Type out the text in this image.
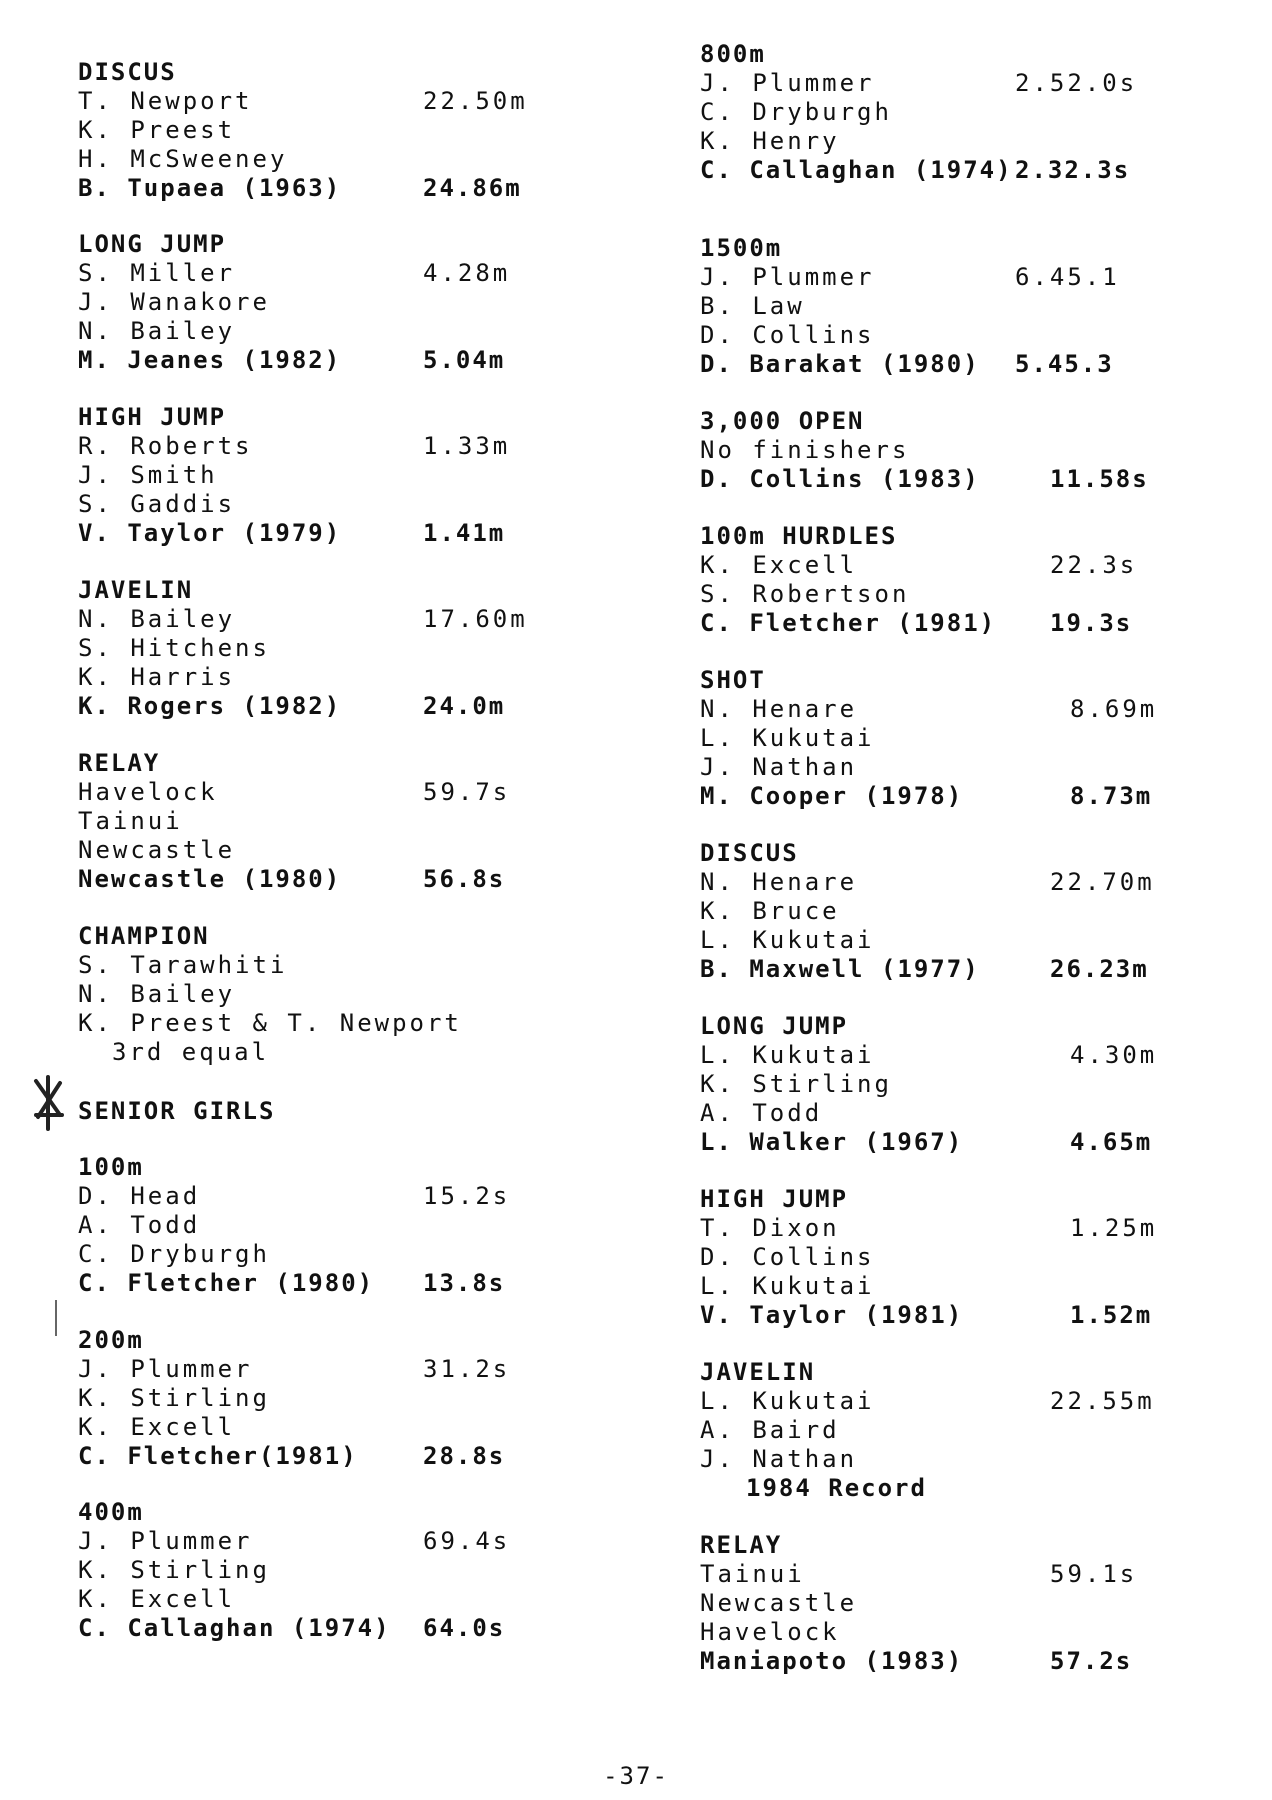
DISCUS
T. Newport	22.50m
K. Preest
H. McSweeney
B. Tupaea (1963)	24.86m
LONG JUMP
S. Miller	4.28m
J. Wanakore
N. Bailey
M. Jeanes (1982)	5.04m
HIGH JUMP
R. Roberts	1.33m
J. Smith
S. Gaddis
V. Taylor (1979)	1.41m
JAVELIN
N. Bailey	17.60m
S. Hitchens
K. Harris
K. Rogers (1982)	24.0m
RELAY
Havelock	59.7s
Tainui
Newcastle
Newcastle (1980)	56.8s
CHAMPION
S. Tarawhiti
N. Bailey
K. Preest & T. Newport
3rd equal
SENIOR GIRLS
100m
D. Head	15.2s
A. Todd
C. Dryburgh
C. Fletcher (1980) 13.8s
200m
J. Plummer	31.2s
K. Stirling
K. Excell
C. Fletcher(1981)	28.8s
400m
J. Plummer	69.4s
K. Stirling
K. Excell
C. Callaghan (1974) 64.0s
800m
J. Plummer	2.52.0s
C. Dryburgh
K. Henry
C. Callaghan (1974) 2.32.3s
1500m
J. Plummer	6.45.1
B. Law
D. Collins
D. Barakat (1980) 5.45.3
3,000 OPEN
No finishers
D. Collins (1983)	11.58s
100m HURDLES
K. Excell	22.3s
S. Robertson
C. Fletcher (1981) 19.3s
SHOT
N. Henare	8.69m
L. Kukutai
J. Nathan
M. Cooper (1978)	8.73m
DISCUS
N. Henare	22.70m
K. Bruce
L. Kukutai
B. Maxwell (1977)	26.23m
LONG JUMP
L. Kukutai	4.30m
K. Stirling
A. Todd
L. Walker (1967)	4.65m
HIGH JUMP
T. Dixon	1.25m
D. Collins
L. Kukutai
V. Taylor (1981)	1.52m
JAVELIN
L. Kukutai	22.55m
A. Baird
J. Nathan
1984 Record
RELAY
Tainui	59.1s
Newcastle
Havelock
Maniapoto (1983)	57.2s
-37-
